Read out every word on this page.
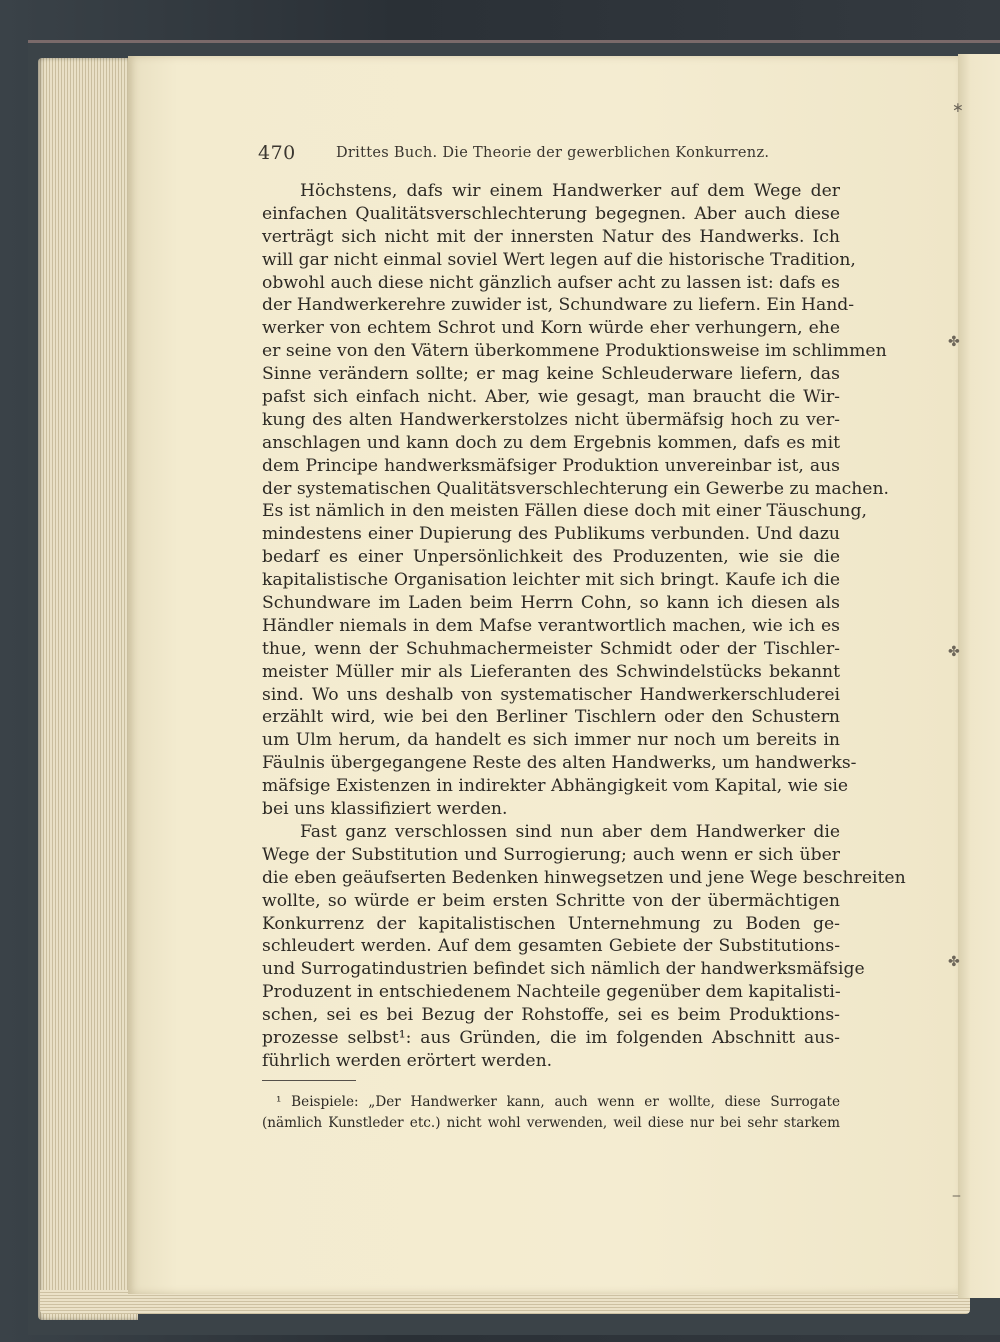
∗
✤
✤
✤
‒
470	Drittes Buch. Die Theorie der gewerblichen Konkurrenz.
Höchstens, dafs wir einem Handwerker auf dem Wege der
einfachen Qualitätsverschlechterung begegnen. Aber auch diese
verträgt sich nicht mit der innersten Natur des Handwerks. Ich
will gar nicht einmal soviel Wert legen auf die historische Tradition,
obwohl auch diese nicht gänzlich aufser acht zu lassen ist: dafs es
der Handwerkerehre zuwider ist, Schundware zu liefern. Ein Hand-
werker von echtem Schrot und Korn würde eher verhungern, ehe
er seine von den Vätern überkommene Produktionsweise im schlimmen
Sinne verändern sollte; er mag keine Schleuderware liefern, das
pafst sich einfach nicht. Aber, wie gesagt, man braucht die Wir-
kung des alten Handwerkerstolzes nicht übermäfsig hoch zu ver-
anschlagen und kann doch zu dem Ergebnis kommen, dafs es mit
dem Principe handwerksmäfsiger Produktion unvereinbar ist, aus
der systematischen Qualitätsverschlechterung ein Gewerbe zu machen.
Es ist nämlich in den meisten Fällen diese doch mit einer Täuschung,
mindestens einer Dupierung des Publikums verbunden. Und dazu
bedarf es einer Unpersönlichkeit des Produzenten, wie sie die
kapitalistische Organisation leichter mit sich bringt. Kaufe ich die
Schundware im Laden beim Herrn Cohn, so kann ich diesen als
Händler niemals in dem Mafse verantwortlich machen, wie ich es
thue, wenn der Schuhmachermeister Schmidt oder der Tischler-
meister Müller mir als Lieferanten des Schwindelstücks bekannt
sind. Wo uns deshalb von systematischer Handwerkerschluderei
erzählt wird, wie bei den Berliner Tischlern oder den Schustern
um Ulm herum, da handelt es sich immer nur noch um bereits in
Fäulnis übergegangene Reste des alten Handwerks, um handwerks-
mäfsige Existenzen in indirekter Abhängigkeit vom Kapital, wie sie
bei uns klassifiziert werden.
Fast ganz verschlossen sind nun aber dem Handwerker die
Wege der Substitution und Surrogierung; auch wenn er sich über
die eben geäufserten Bedenken hinwegsetzen und jene Wege beschreiten
wollte, so würde er beim ersten Schritte von der übermächtigen
Konkurrenz der kapitalistischen Unternehmung zu Boden ge-
schleudert werden. Auf dem gesamten Gebiete der Substitutions-
und Surrogatindustrien befindet sich nämlich der handwerksmäfsige
Produzent in entschiedenem Nachteile gegenüber dem kapitalisti-
schen, sei es bei Bezug der Rohstoffe, sei es beim Produktions-
prozesse selbst¹: aus Gründen, die im folgenden Abschnitt aus-
führlich werden erörtert werden.
¹ Beispiele: „Der Handwerker kann, auch wenn er wollte, diese Surrogate
(nämlich Kunstleder etc.) nicht wohl verwenden, weil diese nur bei sehr starkem
